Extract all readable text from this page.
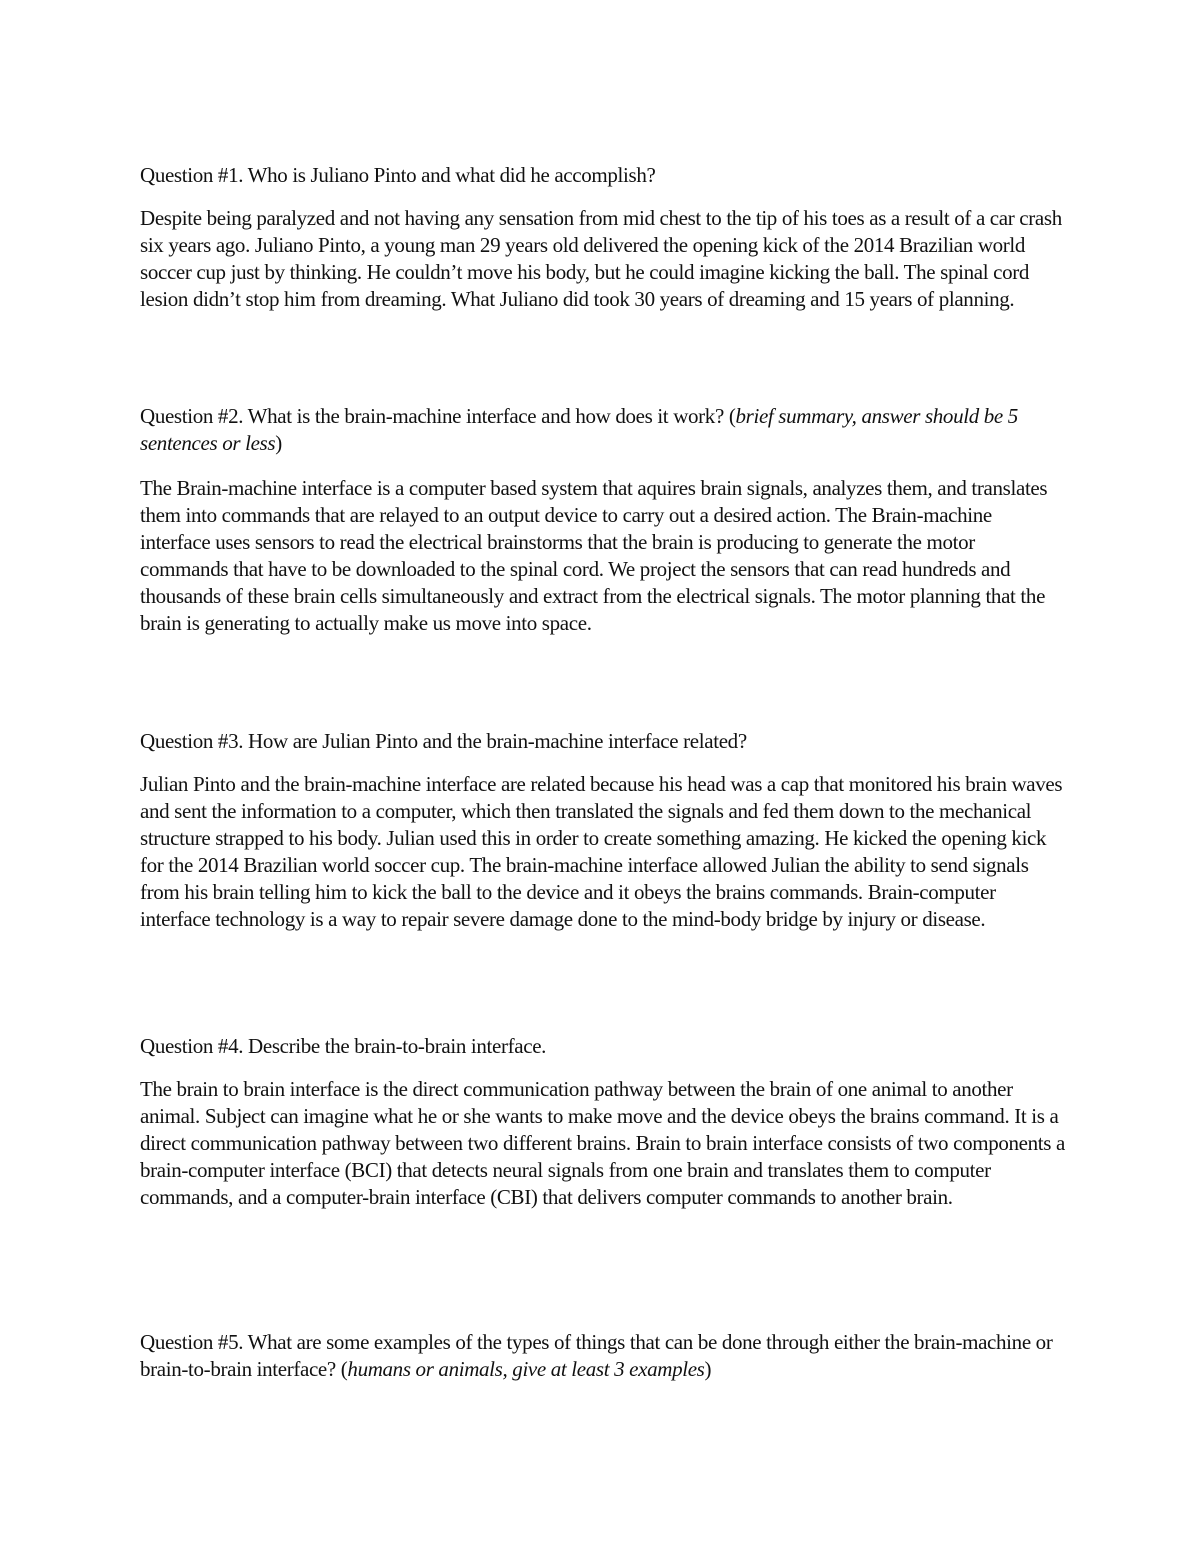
Question #1. Who is Juliano Pinto and what did he accomplish?

Despite being paralyzed and not having any sensation from mid chest to the tip of his toes as a result of a car crash six years ago. Juliano Pinto, a young man 29 years old delivered the opening kick of the 2014 Brazilian world soccer cup just by thinking. He couldn’t move his body, but he could imagine kicking the ball. The spinal cord lesion didn’t stop him from dreaming. What Juliano did took 30 years of dreaming and 15 years of planning.

Question #2. What is the brain-machine interface and how does it work? (brief summary, answer should be 5 sentences or less)

The Brain-machine interface is a computer based system that aquires brain signals, analyzes them, and translates them into commands that are relayed to an output device to carry out a desired action. The Brain-machine interface uses sensors to read the electrical brainstorms that the brain is producing to generate the motor commands that have to be downloaded to the spinal cord. We project the sensors that can read hundreds and thousands of these brain cells simultaneously and extract from the electrical signals. The motor planning that the brain is generating to actually make us move into space.

Question #3. How are Julian Pinto and the brain-machine interface related?

Julian Pinto and the brain-machine interface are related because his head was a cap that monitored his brain waves and sent the information to a computer, which then translated the signals and fed them down to the mechanical structure strapped to his body. Julian used this in order to create something amazing. He kicked the opening kick for the 2014 Brazilian world soccer cup. The brain-machine interface allowed Julian the ability to send signals from his brain telling him to kick the ball to the device and it obeys the brains commands. Brain-computer interface technology is a way to repair severe damage done to the mind-body bridge by injury or disease.

Question #4. Describe the brain-to-brain interface.

The brain to brain interface is the direct communication pathway between the brain of one animal to another animal. Subject can imagine what he or she wants to make move and the device obeys the brains command. It is a direct communication pathway between two different brains. Brain to brain interface consists of two components a brain-computer interface (BCI) that detects neural signals from one brain and translates them to computer commands, and a computer-brain interface (CBI) that delivers computer commands to another brain.

Question #5. What are some examples of the types of things that can be done through either the brain-machine or brain-to-brain interface? (humans or animals, give at least 3 examples)
